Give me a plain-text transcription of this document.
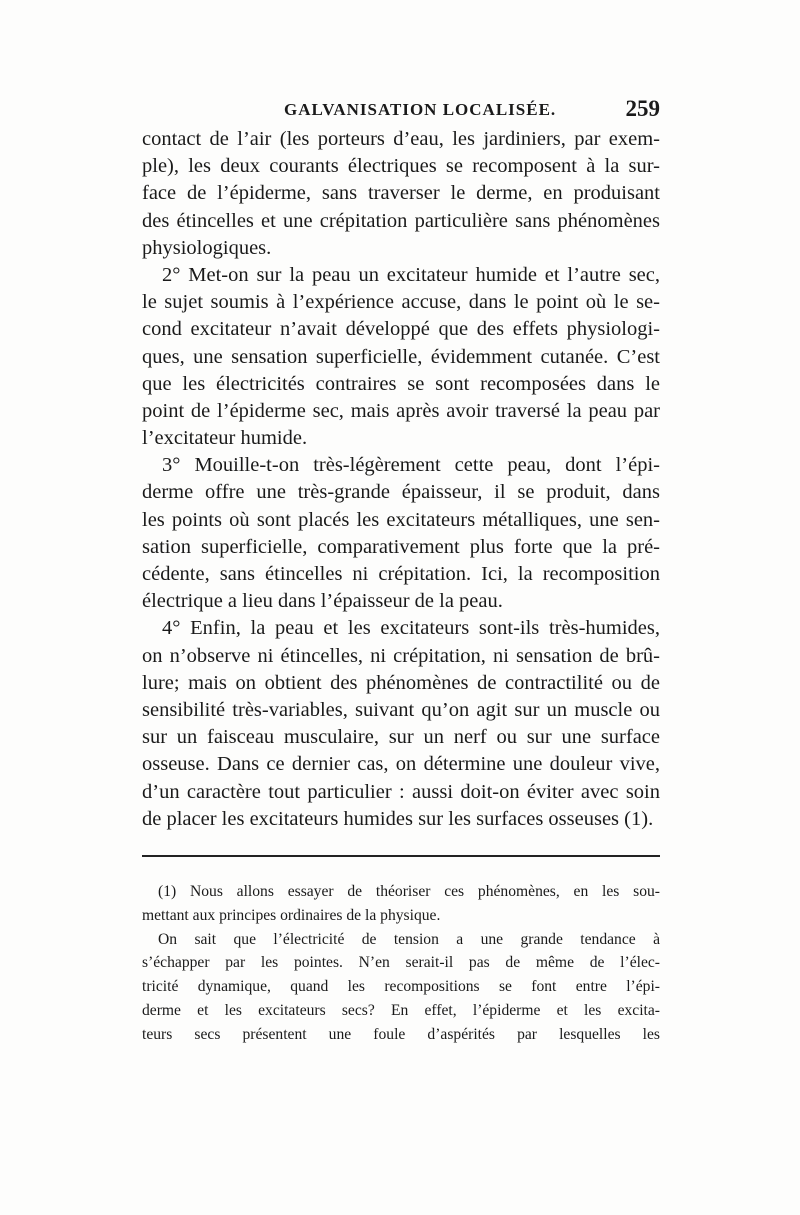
GALVANISATION LOCALISÉE.	259
contact de l’air (les porteurs d’eau, les jardiniers, par exem-
ple), les deux courants électriques se recomposent à la sur-
face de l’épiderme, sans traverser le derme, en produisant
des étincelles et une crépitation particulière sans phénomènes
physiologiques.
2° Met-on sur la peau un excitateur humide et l’autre sec,
le sujet soumis à l’expérience accuse, dans le point où le se-
cond excitateur n’avait développé que des effets physiologi-
ques, une sensation superficielle, évidemment cutanée. C’est
que les électricités contraires se sont recomposées dans le
point de l’épiderme sec, mais après avoir traversé la peau par
l’excitateur humide.
3° Mouille-t-on très-légèrement cette peau, dont l’épi-
derme offre une très-grande épaisseur, il se produit, dans
les points où sont placés les excitateurs métalliques, une sen-
sation superficielle, comparativement plus forte que la pré-
cédente, sans étincelles ni crépitation. Ici, la recomposition
électrique a lieu dans l’épaisseur de la peau.
4° Enfin, la peau et les excitateurs sont-ils très-humides,
on n’observe ni étincelles, ni crépitation, ni sensation de brû-
lure; mais on obtient des phénomènes de contractilité ou de
sensibilité très-variables, suivant qu’on agit sur un muscle ou
sur un faisceau musculaire, sur un nerf ou sur une surface
osseuse. Dans ce dernier cas, on détermine une douleur vive,
d’un caractère tout particulier : aussi doit-on éviter avec soin
de placer les excitateurs humides sur les surfaces osseuses (1).
(1) Nous allons essayer de théoriser ces phénomènes, en les sou-
mettant aux principes ordinaires de la physique.
On sait que l’électricité de tension a une grande tendance à
s’échapper par les pointes. N’en serait-il pas de même de l’élec-
tricité dynamique, quand les recompositions se font entre l’épi-
derme et les excitateurs secs? En effet, l’épiderme et les excita-
teurs secs présentent une foule d’aspérités par lesquelles les
